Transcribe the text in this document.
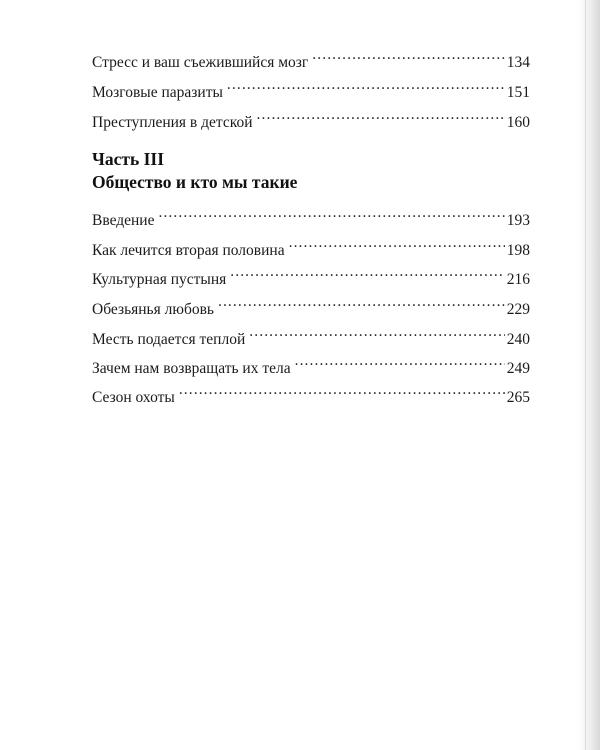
Стресс и ваш съежившийся мозг .....	134
Мозговые паразиты .....	151
Преступления в детской .....	160
Часть III
Общество и кто мы такие
Введение .....	193
Как лечится вторая половина .....	198
Культурная пустыня .....	216
Обезьянья любовь .....	229
Месть подается теплой .....	240
Зачем нам возвращать их тела .....	249
Сезон охоты .....	265
